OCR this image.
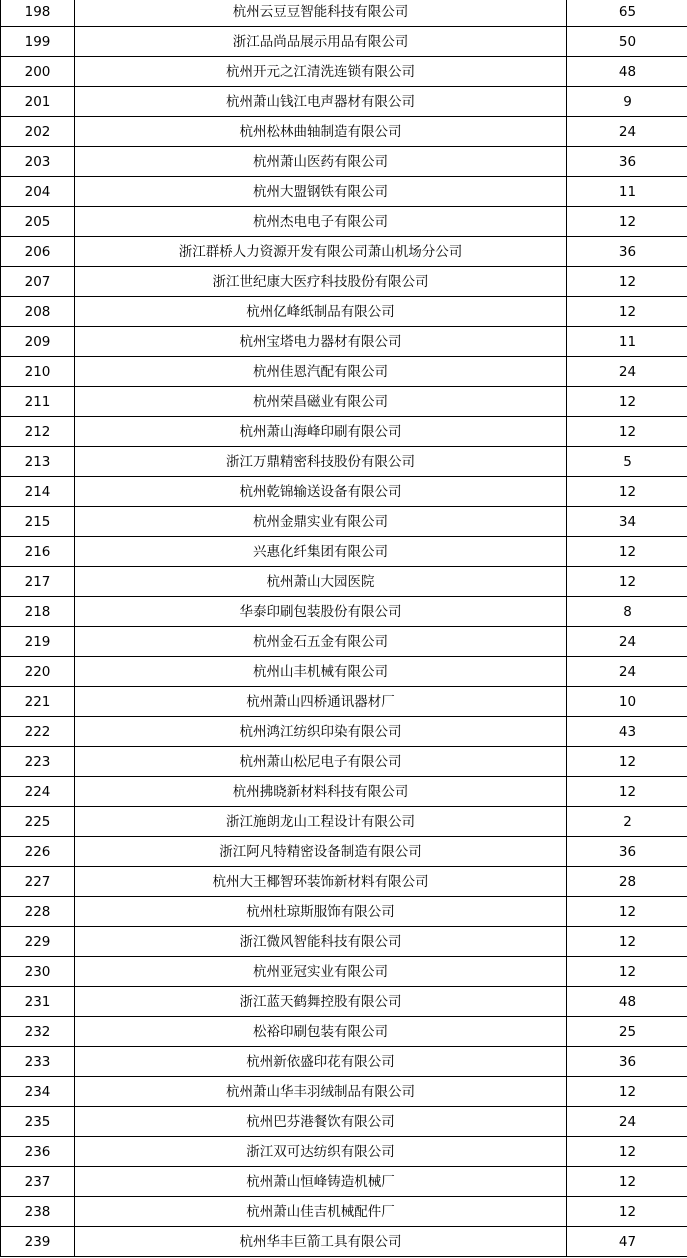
198	杭州云豆豆智能科技有限公司	65
199	浙江品尚品展示用品有限公司	50
200	杭州开元之江清洗连锁有限公司	48
201	杭州萧山钱江电声器材有限公司	9
202	杭州松林曲轴制造有限公司	24
203	杭州萧山医药有限公司	36
204	杭州大盟钢铁有限公司	11
205	杭州杰电电子有限公司	12
206	浙江群桥人力资源开发有限公司萧山机场分公司	36
207	浙江世纪康大医疗科技股份有限公司	12
208	杭州亿峰纸制品有限公司	12
209	杭州宝塔电力器材有限公司	11
210	杭州佳恩汽配有限公司	24
211	杭州荣昌磁业有限公司	12
212	杭州萧山海峰印刷有限公司	12
213	浙江万鼎精密科技股份有限公司	5
214	杭州乾锦输送设备有限公司	12
215	杭州金鼎实业有限公司	34
216	兴惠化纤集团有限公司	12
217	杭州萧山大园医院	12
218	华泰印刷包装股份有限公司	8
219	杭州金石五金有限公司	24
220	杭州山丰机械有限公司	24
221	杭州萧山四桥通讯器材厂	10
222	杭州鸿江纺织印染有限公司	43
223	杭州萧山松尼电子有限公司	12
224	杭州拂晓新材料科技有限公司	12
225	浙江施朗龙山工程设计有限公司	2
226	浙江阿凡特精密设备制造有限公司	36
227	杭州大王椰智环装饰新材料有限公司	28
228	杭州杜琼斯服饰有限公司	12
229	浙江微风智能科技有限公司	12
230	杭州亚冠实业有限公司	12
231	浙江蓝天鹤舞控股有限公司	48
232	松裕印刷包装有限公司	25
233	杭州新依盛印花有限公司	36
234	杭州萧山华丰羽绒制品有限公司	12
235	杭州巴芬港餐饮有限公司	24
236	浙江双可达纺织有限公司	12
237	杭州萧山恒峰铸造机械厂	12
238	杭州萧山佳吉机械配件厂	12
239	杭州华丰巨箭工具有限公司	47
